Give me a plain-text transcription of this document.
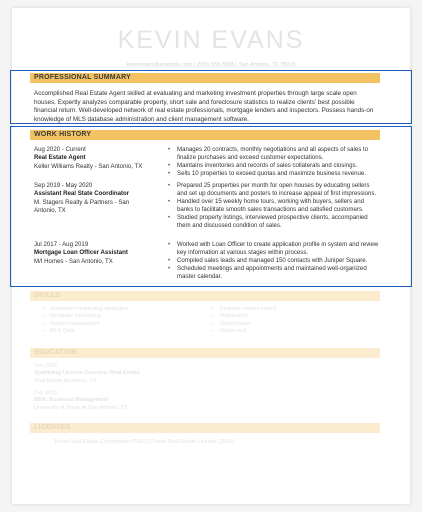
KEVIN EVANS
kevinevans@example.com | (555) 555-5555 | San Antonio, TX 78015
PROFESSIONAL SUMMARY
Accomplished Real Estate Agent skilled at evaluating and marketing investment properties through large scale open houses. Expertly analyzes comparable property, short sale and foreclosure statistics to realize clients' best possible financial return. Well-developed network of real estate professionals, mortgage lenders and inspectors. Possess hands-on knowledge of MLS database administration and client management software.
WORK HISTORY
Aug 2020 - Current
Real Estate Agent
Keller Williams Realty - San Antonio, TX
• Manages 20 contracts, monthly negotiations and all aspects of sales to finalize purchases and exceed customer expectations.
• Maintains inventories and records of sales collaterals and closings.
• Sells 10 properties to exceed quotas and maximize business revenue.
Sep 2019 - May 2020
Assistant Real State Coordinator
M. Stagers Realty & Partners - San Antonio, TX
• Prepared 25 properties per month for open houses by educating sellers and set up documents and posters to increase appeal of first impressions.
• Handled over 15 weekly home tours, working with buyers, sellers and banks to facilitate smooth sales transactions and satisfied customers.
• Studied property listings, interviewed prospective clients, accompanied them and discussed condition of sales.
Jul 2017 - Aug 2019
Mortgage Loan Officer Assistant
M/I Homes - San Antonio, TX
• Worked with Loan Officer to create application profile in system and review key information at various stages within process.
• Compiled sales leads and managed 150 contacts with Juniper Square.
• Scheduled meetings and appointments and maintained well-organized master calendar.
SKILLS
• Investment marketing strategies
• Mortgage calculating
• Rental management
• MLS Data
• Property market expert
• Negotiation
• Organization
• Ratios and
EDUCATION
Dec 2016
Qualifying License Courses: Real Estate
Real Estate Academy, TX
Dec 2015
BBA: Business Management
University of Texas At San Antonio, TX
LICENSES
Texas Real Estate Commission (TREC) Texas Real Estate License (2020)
